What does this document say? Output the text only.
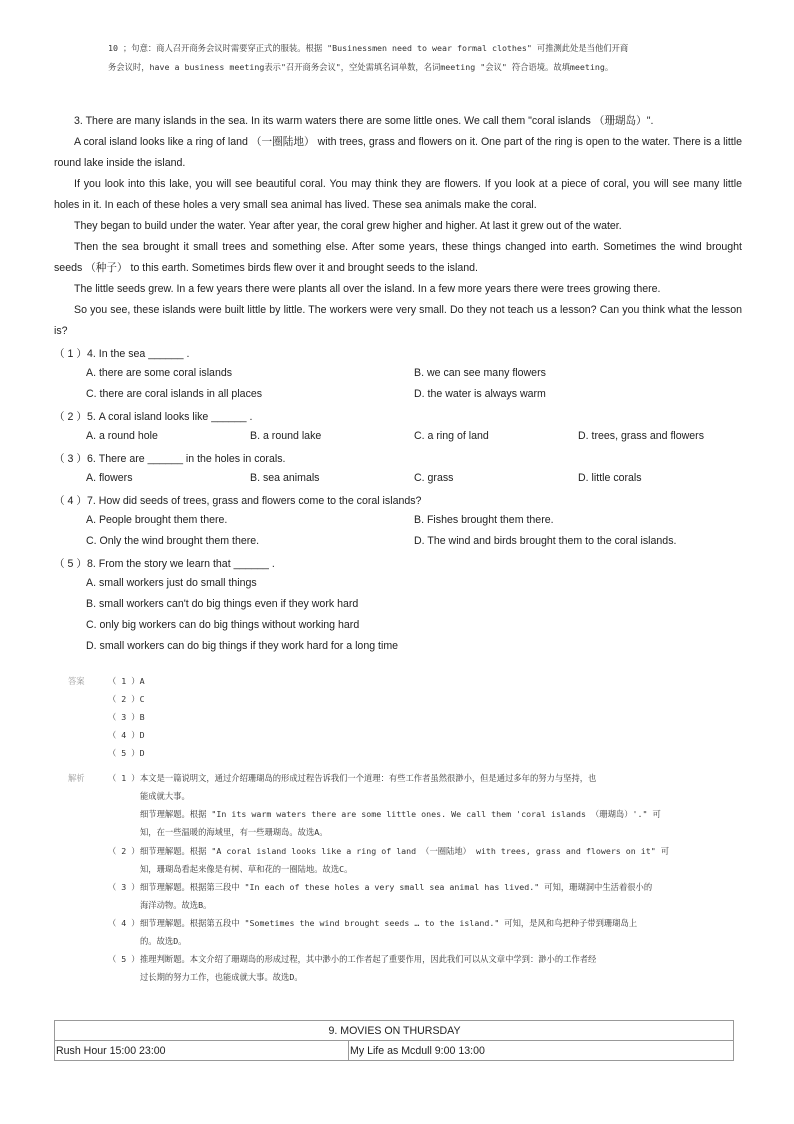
10 ；句意：商人召开商务会议时需要穿正式的服装。根据 "Businessmen need to wear formal clothes" 可推测此处是当他们开商
务会议时，have a business meeting表示"召开商务会议"，空处需填名词单数，名词meeting "会议" 符合语境。故填meeting。
3. There are many islands in the sea. In its warm waters there are some little ones. We call them "coral islands （珊瑚岛）".
A coral island looks like a ring of land （一圈陆地） with trees, grass and flowers on it. One part of the ring is open to the water. There is a little round lake inside the island.
If you look into this lake, you will see beautiful coral. You may think they are flowers. If you look at a piece of coral, you will see many little holes in it. In each of these holes a very small sea animal has lived. These sea animals make the coral.
They began to build under the water. Year after year, the coral grew higher and higher. At last it grew out of the water.
Then the sea brought it small trees and something else. After some years, these things changed into earth. Sometimes the wind brought seeds （种子） to this earth. Sometimes birds flew over it and brought seeds to the island.
The little seeds grew. In a few years there were plants all over the island. In a few more years there were trees growing there.
So you see, these islands were built little by little. The workers were very small. Do they not teach us a lesson? Can you think what the lesson is?
（ 1 ）4. In the sea ______ .
A. there are some coral islands	B. we can see many flowers
C. there are coral islands in all places	D. the water is always warm
（ 2 ）5. A coral island looks like ______ .
A. a round hole	B. a round lake	C. a ring of land	D. trees, grass and flowers
（ 3 ）6. There are ______ in the holes in corals.
A. flowers	B. sea animals	C. grass	D. little corals
（ 4 ）7. How did seeds of trees, grass and flowers come to the coral islands?
A. People brought them there.	B. Fishes brought them there.
C. Only the wind brought them there.	D. The wind and birds brought them to the coral islands.
（ 5 ）8. From the story we learn that ______ .
A. small workers just do small things
B. small workers can't do big things even if they work hard
C. only big workers can do big things without working hard
D. small workers can do big things if they work hard for a long time
答案	（ 1 ）A
（ 2 ）C
（ 3 ）B
（ 4 ）D
（ 5 ）D
解析	（ 1 ） 本文是一篇说明文，通过介绍珊瑚岛的形成过程告诉我们一个道理：有些工作者虽然很渺小，但是通过多年的努力与坚持，也
能成就大事。
细节理解题。根据 "In its warm waters there are some little ones. We call them 'coral islands （珊瑚岛）'." 可
知，在一些温暖的海域里，有一些珊瑚岛。故选A。
（ 2 ） 细节理解题。根据 "A coral island looks like a ring of land （一圈陆地） with trees, grass and flowers on it" 可
知，珊瑚岛看起来像是有树、草和花的一圈陆地。故选C。
（ 3 ） 细节理解题。根据第三段中 "In each of these holes a very small sea animal has lived." 可知，珊瑚洞中生活着很小的
海洋动物。故选B。
（ 4 ） 细节理解题。根据第五段中 "Sometimes the wind brought seeds … to the island." 可知，是风和鸟把种子带到珊瑚岛上
的。故选D。
（ 5 ） 推理判断题。本文介绍了珊瑚岛的形成过程，其中渺小的工作者起了重要作用，因此我们可以从文章中学到：渺小的工作者经
过长期的努力工作，也能成就大事。故选D。
9. MOVIES ON THURSDAY
Rush Hour 15:00 23:00	My Life as Mcdull 9:00 13:00
